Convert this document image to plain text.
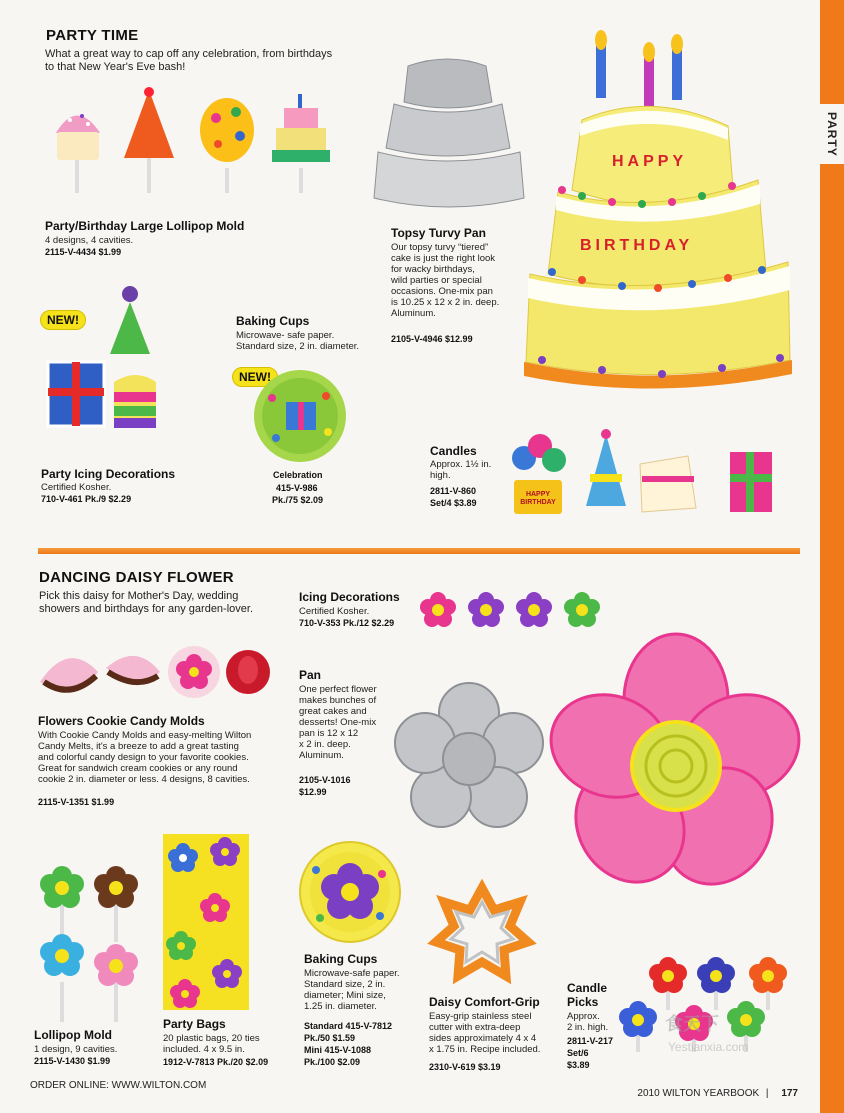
PARTY
PARTY TIME
What a great way to cap off any celebration, from birthdays
to that New Year's Eve bash!
Party/Birthday Large Lollipop Mold
4 designs, 4 cavities.
2115-V-4434 $1.99
Topsy Turvy Pan
Our topsy turvy “tiered”
cake is just the right look
for wacky birthdays,
wild parties or special
occasions. One-mix pan
is 10.25 x 12 x 2 in. deep.
Aluminum.
2105-V-4946 $12.99
HAPPY
BIRTHDAY
NEW!
Party Icing Decorations
Certified Kosher.
710-V-461 Pk./9 $2.29
Baking Cups
Microwave- safe paper.
Standard size, 2 in. diameter.
NEW!
Celebration
415-V-986
Pk./75 $2.09
Candles
Approx. 1½ in.
high.
2811-V-860
Set/4 $3.89
HAPPY
BIRTHDAY
DANCING DAISY FLOWER
Pick this daisy for Mother's Day, wedding
showers and birthdays for any garden-lover.
Icing Decorations
Certified Kosher.
710-V-353 Pk./12 $2.29
Flowers Cookie Candy Molds
With Cookie Candy Molds and easy-melting Wilton
Candy Melts, it's a breeze to add a great tasting
and colorful candy design to your favorite cookies.
Great for sandwich cream cookies or any round
cookie 2 in. diameter or less. 4 designs, 8 cavities.
2115-V-1351 $1.99
Pan
One perfect flower
makes bunches of
great cakes and
desserts! One-mix
pan is 12 x 12
x 2 in. deep.
Aluminum.
2105-V-1016
$12.99
Lollipop Mold
1 design, 9 cavities.
2115-V-1430 $1.99
Party Bags
20 plastic bags, 20 ties
included. 4 x 9.5 in.
1912-V-7813 Pk./20 $2.09
Baking Cups
Microwave-safe paper.
Standard size, 2 in.
diameter; Mini size,
1.25 in. diameter.
Standard 415-V-7812
Pk./50 $1.59
Mini 415-V-1088
Pk./100 $2.09
Daisy Comfort-Grip
Easy-grip stainless steel
cutter with extra-deep
sides approximately 4 x 4
x 1.75 in. Recipe included.
2310-V-619 $3.19
Candle
Picks
Approx.
2 in. high.
2811-V-217
Set/6
$3.89
食天下
Yestianxia.com
ORDER ONLINE: WWW.WILTON.COM
2010 WILTON YEARBOOK | 177
